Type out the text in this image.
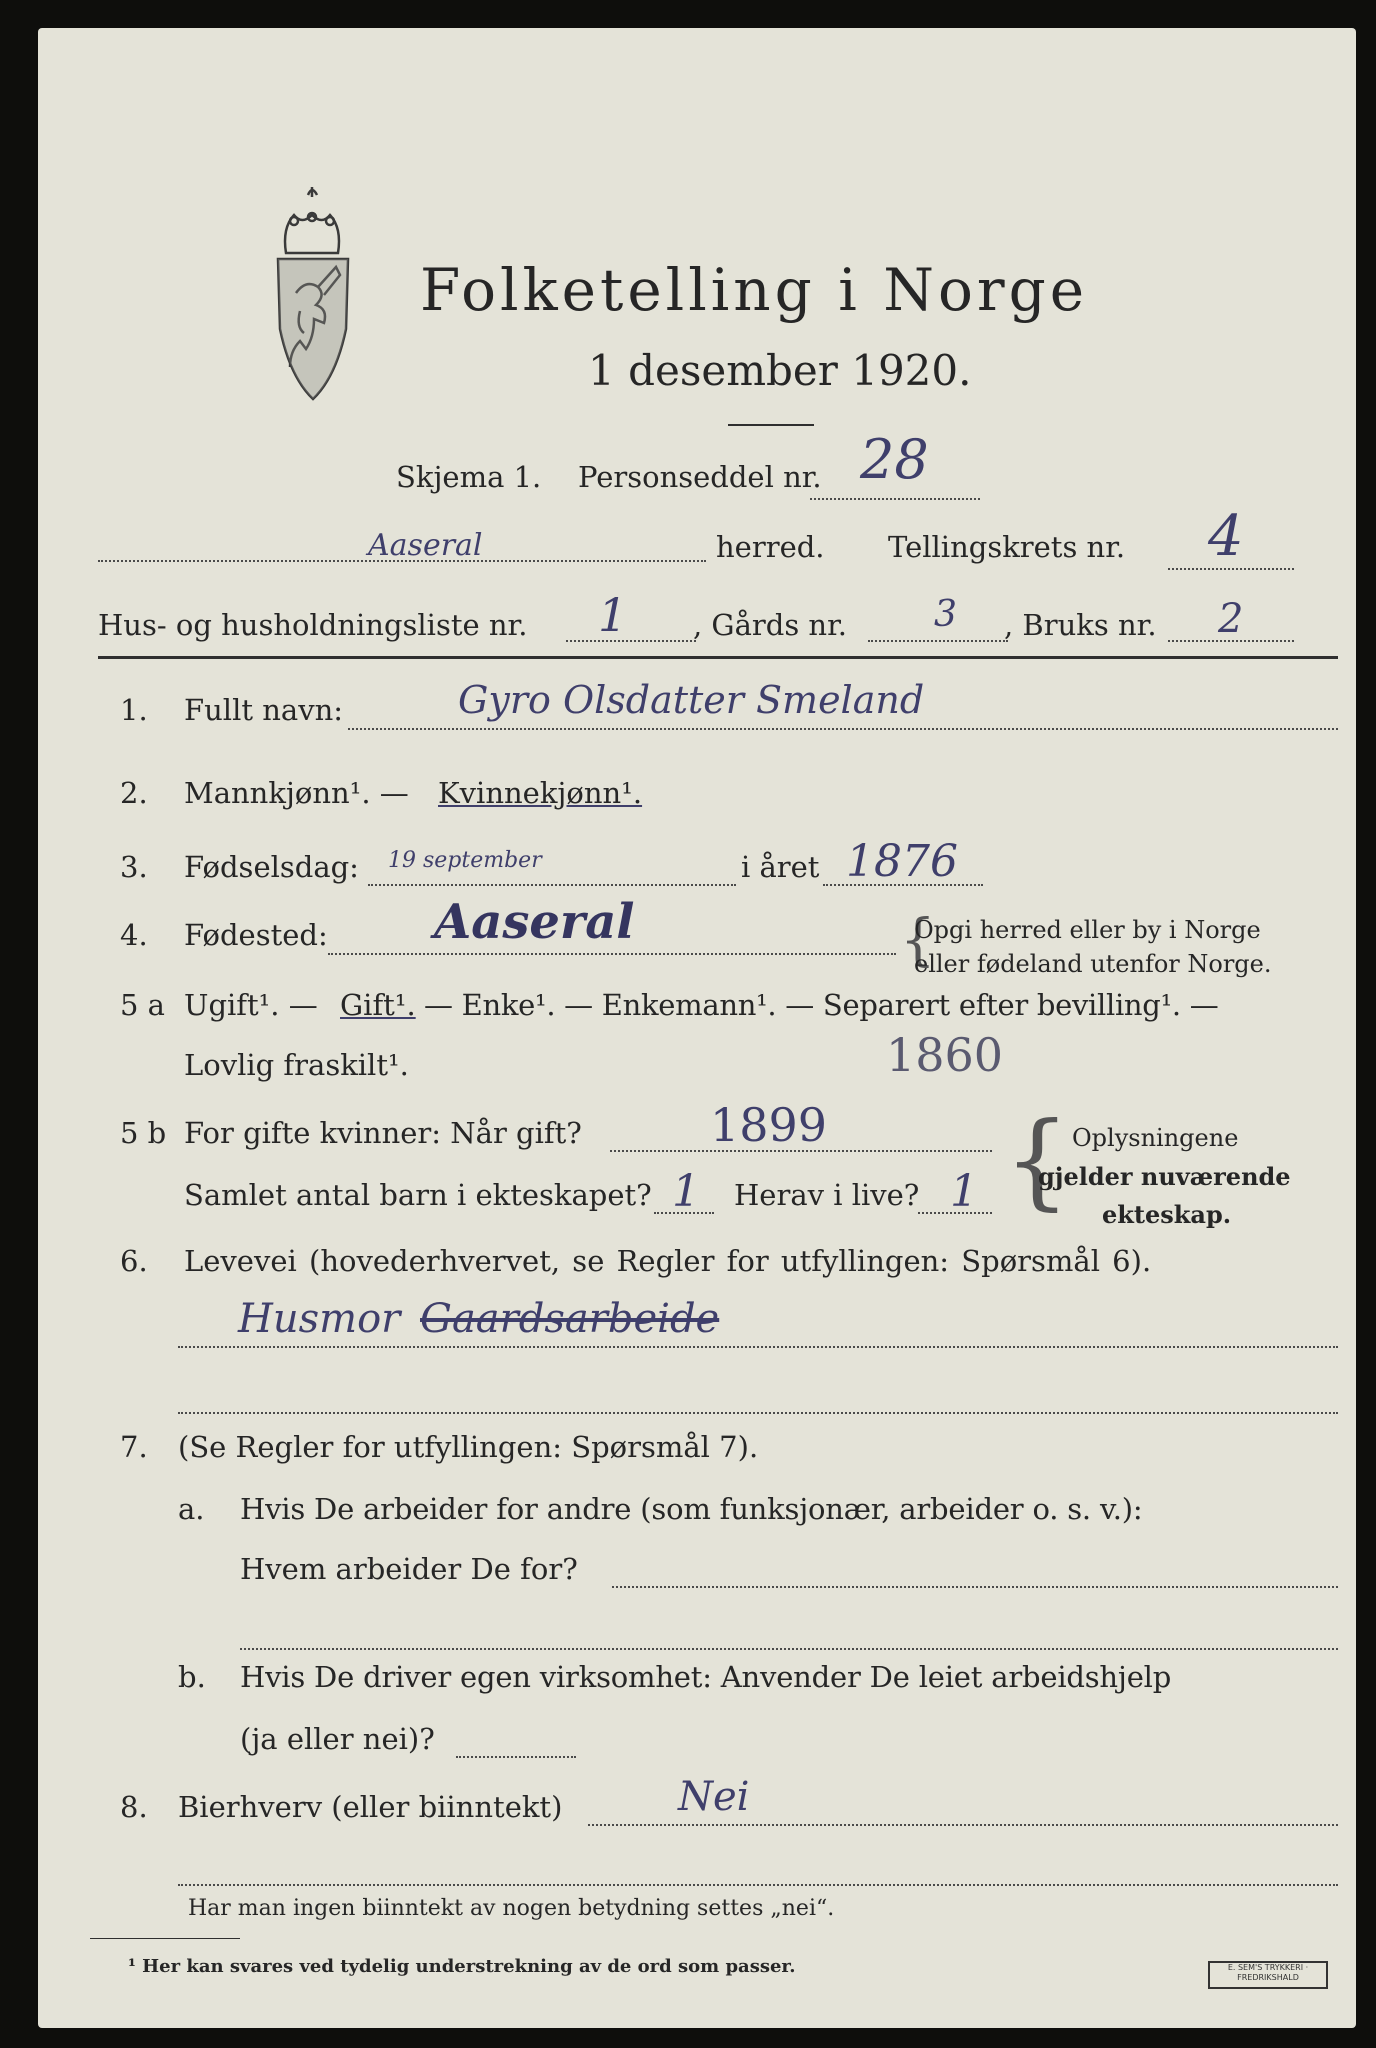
Folketelling i Norge
1 desember 1920.
Skjema 1. Personseddel nr. 28
Aaseral	herred. Tellingskrets nr. 4
Hus- og husholdningsliste nr. 1 , Gårds nr. 3 , Bruks nr. 2
1. Fullt navn:	Gyro Olsdatter Smeland
2. Mannkjønn¹. — Kvinnekjønn¹.
3. Fødselsdag: 19 september	i året 1876
4. Fødested: Aaseral	{
Opgi herred eller by i Norge
eller fødeland utenfor Norge.
5 a Ugift¹. — Gift¹. — Enke¹. — Enkemann¹. — Separert efter bevilling¹. —
Lovlig fraskilt¹.	1860
5 b For gifte kvinner: Når gift?	1899
Samlet antal barn i ekteskapet? 1 Herav i live? 1 { Oplysningene
gjelder nuværende
ekteskap.
6. Levevei (hovederhvervet, se Regler for utfyllingen: Spørsmål 6).
Husmor Gaardsarbeide
7. (Se Regler for utfyllingen: Spørsmål 7).
a. Hvis De arbeider for andre (som funksjonær, arbeider o. s. v.):
Hvem arbeider De for?
b. Hvis De driver egen virksomhet: Anvender De leiet arbeidshjelp
(ja eller nei)?
8. Bierhverv (eller biinntekt)	Nei
Har man ingen biinntekt av nogen betydning settes „nei“.
¹ Her kan svares ved tydelig understrekning av de ord som passer.	E. SEM'S TRYKKERI · FREDRIKSHALD
